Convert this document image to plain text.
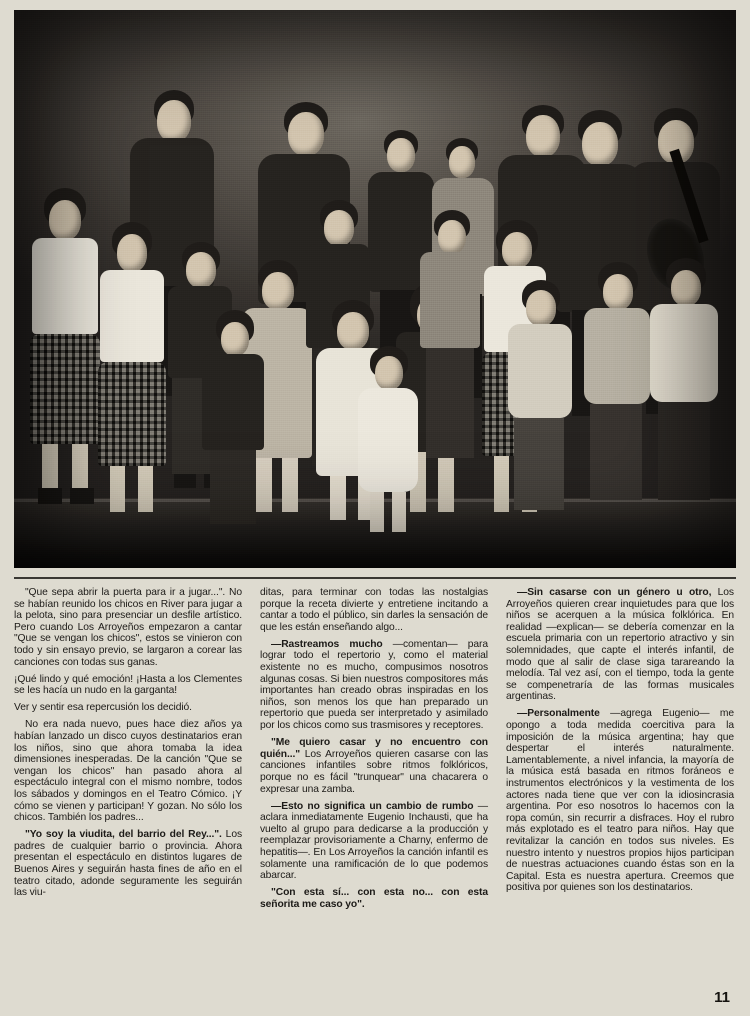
"Que sepa abrir la puerta para ir a jugar...". No se habían reunido los chicos en River para jugar a la pelota, sino para presenciar un desfile artístico. Pero cuando Los Arroyeños empezaron a cantar "Que se vengan los chicos", estos se vinieron con todo y sin ensayo previo, se largaron a corear las canciones con todas sus ganas.

¡Qué lindo y qué emoción! ¡Hasta a los Clementes se les hacía un nudo en la garganta!

Ver y sentir esa repercusión los decidió.

No era nada nuevo, pues hace diez años ya habían lanzado un disco cuyos destinatarios eran los niños, sino que ahora tomaba la idea dimensiones inesperadas. De la canción "Que se vengan los chicos" han pasado ahora al espectáculo integral con el mismo nombre, todos los sábados y domingos en el Teatro Cómico. ¡Y cómo se vienen y participan! Y gozan. No sólo los chicos. También los padres...

"Yo soy la viudita, del barrio del Rey...". Los padres de cualquier barrio o provincia. Ahora presentan el espectáculo en distintos lugares de Buenos Aires y seguirán hasta fines de año en el teatro citado, adonde seguramente les seguirán las viu-

ditas, para terminar con todas las nostalgias porque la receta divierte y entretiene incitando a cantar a todo el público, sin darles la sensación de que les están enseñando algo...

—Rastreamos mucho —comentan— para lograr todo el repertorio y, como el material existente no es mucho, compusimos nosotros algunas cosas. Si bien nuestros compositores más importantes han creado obras inspiradas en los niños, son menos los que han preparado un repertorio que pueda ser interpretado y asimilado por los chicos como sus trasmisores y receptores.

"Me quiero casar y no encuentro con quién..." Los Arroyeños quieren casarse con las canciones infantiles sobre ritmos folklóricos, porque no es fácil "trunquear" una chacarera o expresar una zamba.

—Esto no significa un cambio de rumbo —aclara inmediatamente Eugenio Inchausti, que ha vuelto al grupo para dedicarse a la producción y reemplazar provisoriamente a Charny, enfermo de hepatitis—. En Los Arroyeños la canción infantil es solamente una ramificación de lo que podemos abarcar.

"Con esta sí... con esta no... con esta señorita me caso yo".

—Sin casarse con un género u otro, Los Arroyeños quieren crear inquietudes para que los niños se acerquen a la música folklórica. En realidad —explican— se debería comenzar en la escuela primaria con un repertorio atractivo y sin solemnidades, que capte el interés infantil, de modo que al salir de clase siga tarareando la melodía. Tal vez así, con el tiempo, toda la gente se compenetraría de las formas musicales argentinas.

—Personalmente —agrega Eugenio— me opongo a toda medida coercitiva para la imposición de la música argentina; hay que despertar el interés naturalmente. Lamentablemente, a nivel infancia, la mayoría de la música está basada en ritmos foráneos e instrumentos electrónicos y la vestimenta de los actores nada tiene que ver con la idiosincrasia argentina. Por eso nosotros lo hacemos con la ropa común, sin recurrir a disfraces. Hoy el rubro más explotado es el teatro para niños. Hay que revitalizar la canción en todos sus niveles. Es nuestro intento y nuestros propios hijos participan de nuestras actuaciones cuando éstas son en la Capital. Esta es nuestra apertura. Creemos que positiva por quienes son los destinatarios.

11
